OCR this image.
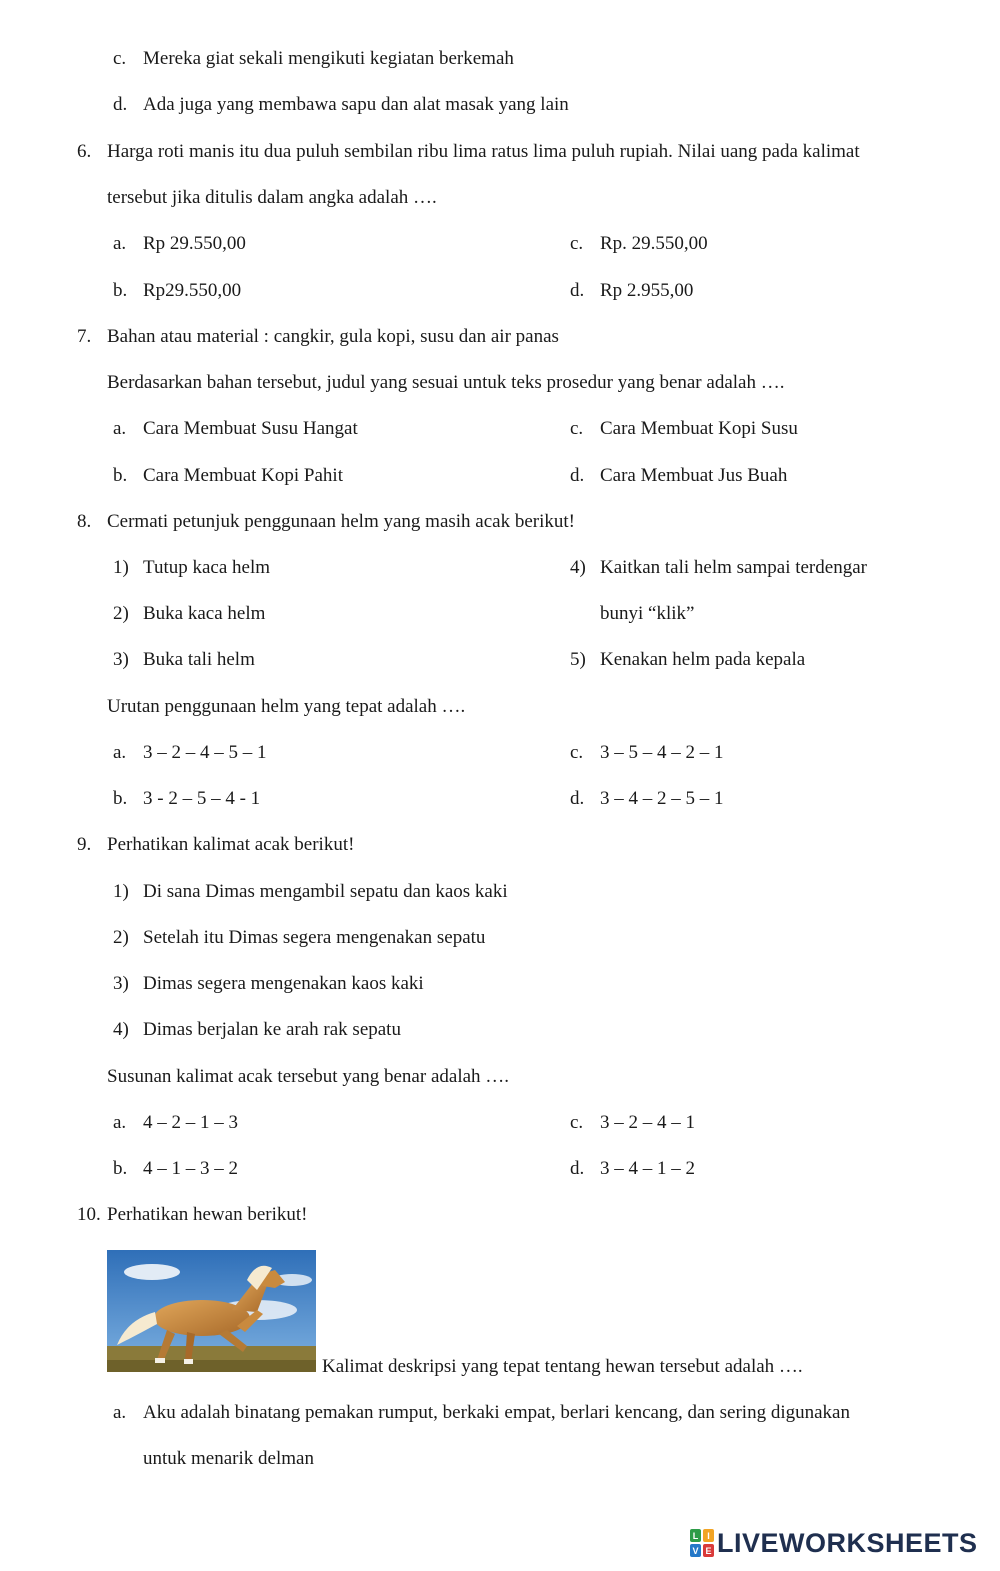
c. Mereka giat sekali mengikuti kegiatan berkemah
d. Ada juga yang membawa sapu dan alat masak yang lain
6. Harga roti manis itu dua puluh sembilan ribu lima ratus lima puluh rupiah. Nilai uang pada kalimat
tersebut jika ditulis dalam angka adalah ….
a. Rp 29.550,00	c. Rp. 29.550,00
b. Rp29.550,00	d. Rp 2.955,00
7. Bahan atau material : cangkir, gula kopi, susu dan air panas
Berdasarkan bahan tersebut, judul yang sesuai untuk teks prosedur yang benar adalah ….
a. Cara Membuat Susu Hangat	c. Cara Membuat Kopi Susu
b. Cara Membuat Kopi Pahit	d. Cara Membuat Jus Buah
8. Cermati petunjuk penggunaan helm yang masih acak berikut!
1) Tutup kaca helm	4) Kaitkan tali helm sampai terdengar
2) Buka kaca helm	bunyi “klik”
3) Buka tali helm	5) Kenakan helm pada kepala
Urutan penggunaan helm yang tepat adalah ….
a. 3 – 2 – 4 – 5 – 1	c. 3 – 5 – 4 – 2 – 1
b. 3 - 2 – 5 – 4 - 1	d. 3 – 4 – 2 – 5 – 1
9. Perhatikan kalimat acak berikut!
1) Di sana Dimas mengambil sepatu dan kaos kaki
2) Setelah itu Dimas segera mengenakan sepatu
3) Dimas segera mengenakan kaos kaki
4) Dimas berjalan ke arah rak sepatu
Susunan kalimat acak tersebut yang benar adalah ….
a. 4 – 2 – 1 – 3	c. 3 – 2 – 4 – 1
b. 4 – 1 – 3 – 2	d. 3 – 4 – 1 – 2
10. Perhatikan hewan berikut!
Kalimat deskripsi yang tepat tentang hewan tersebut adalah ….
a. Aku adalah binatang pemakan rumput, berkaki empat, berlari kencang, dan sering digunakan
untuk menarik delman
L I
V E LIVEWORKSHEETS
